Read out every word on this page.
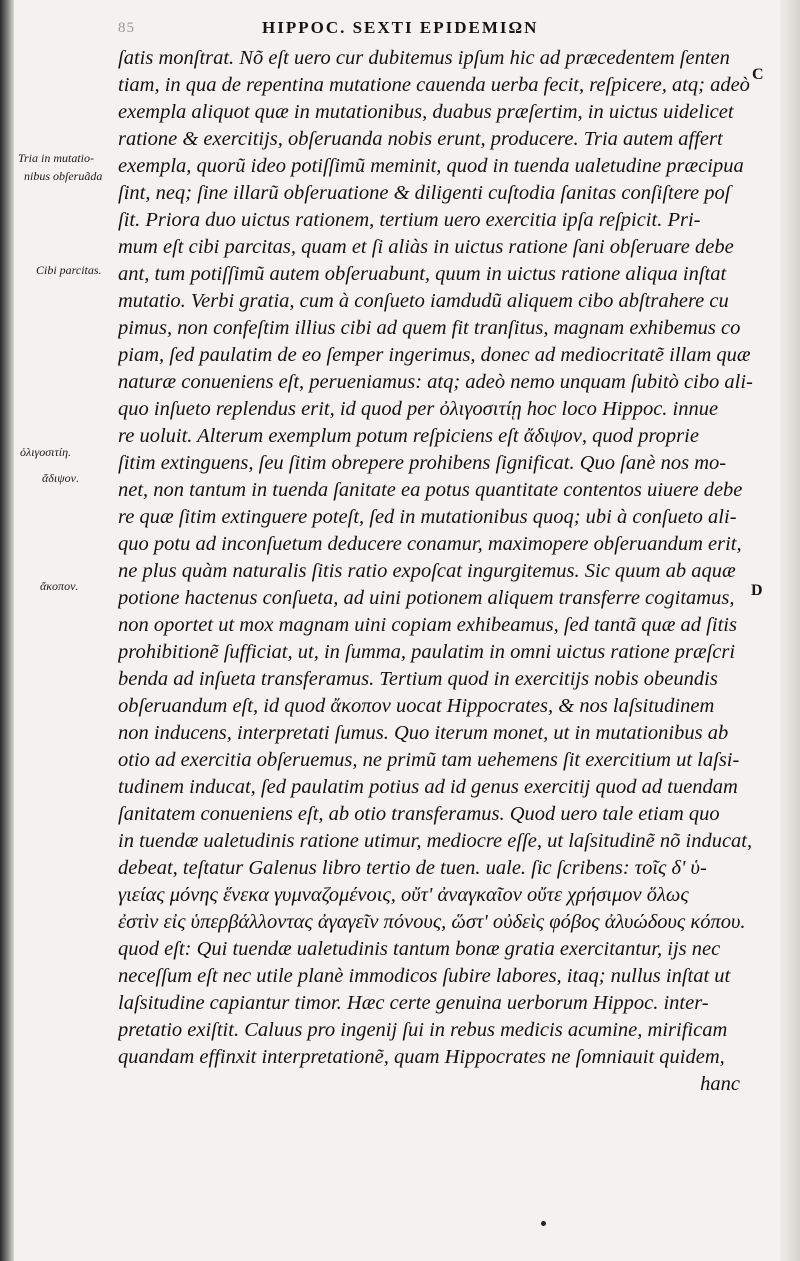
85	HIPPOC. SEXTI EPIDEMIΩN
ſatis monſtrat. Nõ eſt uero cur dubitemus ipſum hic ad præcedentem ſenten
tiam, in qua de repentina mutatione cauenda uerba fecit, reſpicere, atq; adeò
exempla aliquot quæ in mutationibus, duabus præſertim, in uictus uidelicet
ratione & exercitijs, obſeruanda nobis erunt, producere. Tria autem affert
exempla, quorũ ideo potiſſimũ meminit, quod in tuenda ualetudine præcipua
ſint, neq; ſine illarũ obſeruatione & diligenti cuſtodia ſanitas conſiſtere poſ
ſit. Priora duo uictus rationem, tertium uero exercitia ipſa reſpicit. Pri-
mum eſt cibi parcitas, quam et ſi aliàs in uictus ratione ſani obſeruare debe
ant, tum potiſſimũ autem obſeruabunt, quum in uictus ratione aliqua inſtat
mutatio. Verbi gratia, cum à conſueto iamdudũ aliquem cibo abſtrahere cu
pimus, non confeſtim illius cibi ad quem fit tranſitus, magnam exhibemus co
piam, ſed paulatim de eo ſemper ingerimus, donec ad mediocritatẽ illam quæ
naturæ conueniens eſt, perueniamus: atq; adeò nemo unquam ſubitò cibo ali-
quo inſueto replendus erit, id quod per ὀλιγοσιτίῃ hoc loco Hippoc. innue
re uoluit. Alterum exemplum potum reſpiciens eſt ἄδιψον, quod proprie
ſitim extinguens, ſeu ſitim obrepere prohibens ſignificat. Quo ſanè nos mo-
net, non tantum in tuenda ſanitate ea potus quantitate contentos uiuere debe
re quæ ſitim extinguere poteſt, ſed in mutationibus quoq; ubi à conſueto ali-
quo potu ad inconſuetum deducere conamur, maximopere obſeruandum erit,
ne plus quàm naturalis ſitis ratio expoſcat ingurgitemus. Sic quum ab aquæ
potione hactenus conſueta, ad uini potionem aliquem transferre cogitamus,
non oportet ut mox magnam uini copiam exhibeamus, ſed tantã quæ ad ſitis
prohibitionẽ ſufficiat, ut, in ſumma, paulatim in omni uictus ratione præſcri
benda ad inſueta transferamus. Tertium quod in exercitijs nobis obeundis
obſeruandum eſt, id quod ἄκοπον uocat Hippocrates, & nos laſsitudinem
non inducens, interpretati ſumus. Quo iterum monet, ut in mutationibus ab
otio ad exercitia obſeruemus, ne primũ tam uehemens ſit exercitium ut laſsi-
tudinem inducat, ſed paulatim potius ad id genus exercitij quod ad tuendam
ſanitatem conueniens eſt, ab otio transferamus. Quod uero tale etiam quo
in tuendæ ualetudinis ratione utimur, mediocre eſſe, ut laſsitudinẽ nõ inducat,
debeat, teſtatur Galenus libro tertio de tuen. uale. ſic ſcribens: τοῖς δ' ὑ-
γιείας μόνης ἕνεκα γυμναζομένοις, οὔτ' ἀναγκαῖον οὔτε χρήσιμον ὅλως
ἐστὶν εἰς ὑπερβάλλοντας ἀγαγεῖν πόνους, ὥστ' οὐδεὶς φόβος ἀλυώδους κόπου.
quod eſt: Qui tuendæ ualetudinis tantum bonæ gratia exercitantur, ijs nec
neceſſum eſt nec utile planè immodicos ſubire labores, itaq; nullus inſtat ut
laſsitudine capiantur timor. Hæc certe genuina uerborum Hippoc. inter-
pretatio exiſtit. Caluus pro ingenij ſui in rebus medicis acumine, mirificam
quandam effinxit interpretationẽ, quam Hippocrates ne ſomniauit quidem,
hanc
Tria in mutatio-
nibus obſeruãda
Cibi parcitas.
ὀλιγοσιτίη.
ἄδιψον.
ἄκοπον.
C
D
